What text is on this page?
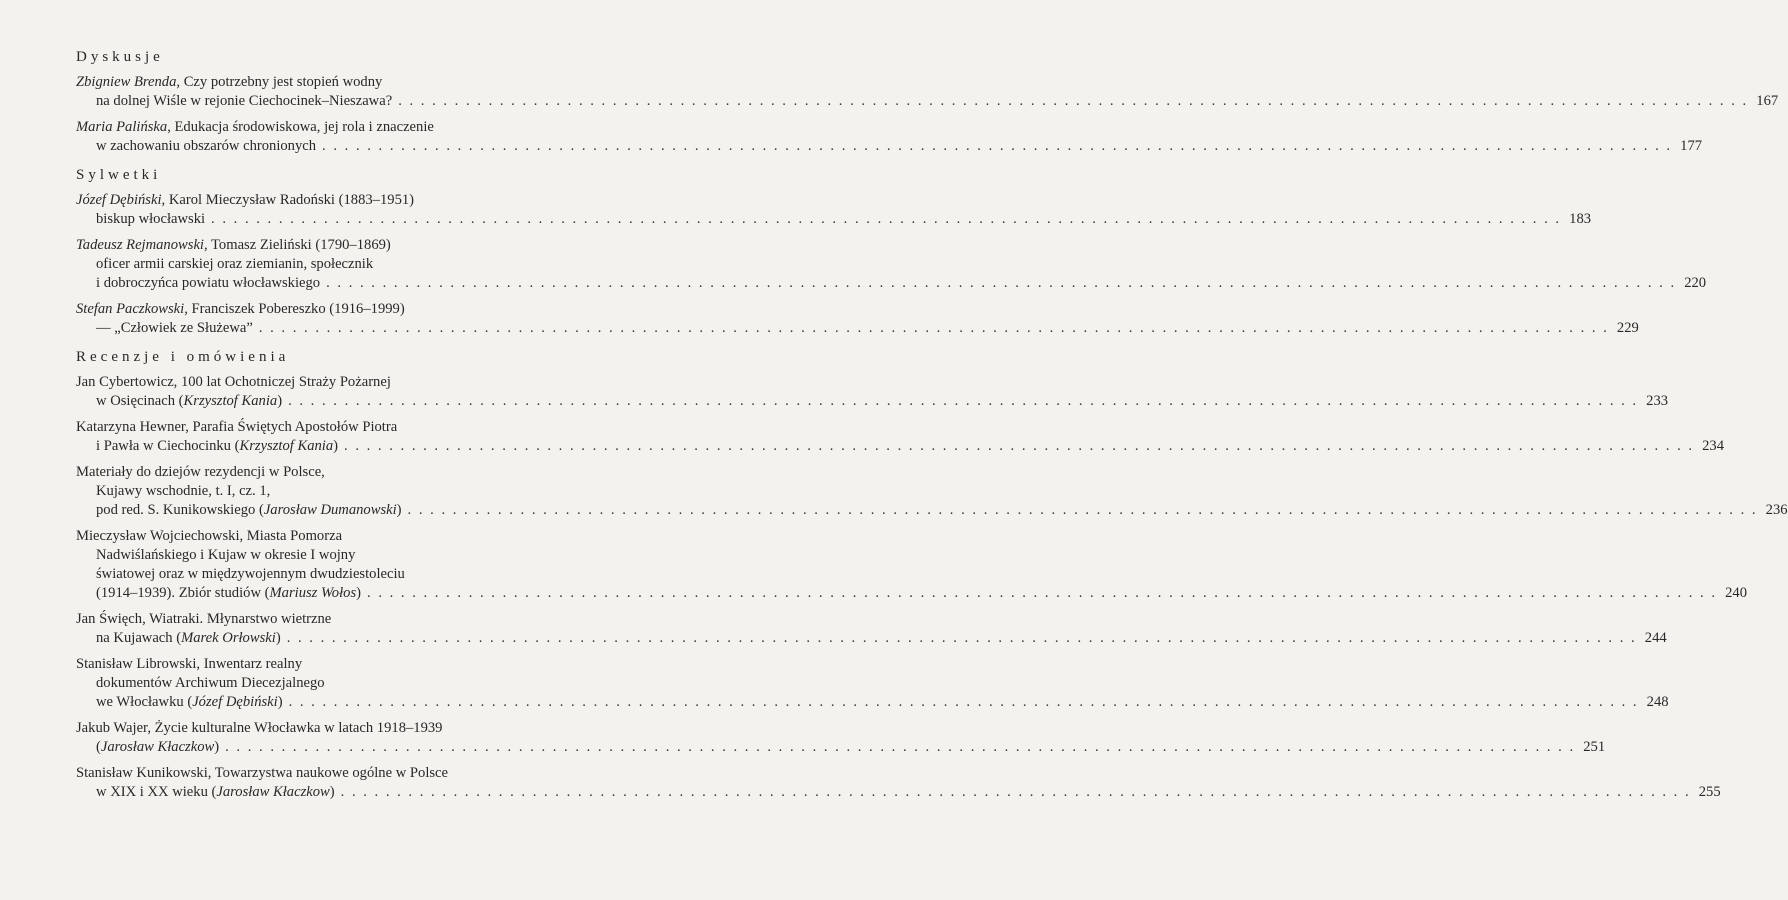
Dyskusje
Zbigniew Brenda, Czy potrzebny jest stopień wodny
na dolnej Wiśle w rejonie Ciechocinek–Nieszawa? . . . . . . . . . . . . . . . . . . . . . . . . . . . . . . . . . . . . . . . . . . . . . . . . . . . . . . . . . . . . . . . . . . . . . . . . . . . . . . . . . . . . . . . . . . . . . . . . . . . . . . . . . . . . . . . . . . . . . . . . 167
Maria Palińska, Edukacja środowiskowa, jej rola i znaczenie
w zachowaniu obszarów chronionych . . . . . . . . . . . . . . . . . . . . . . . . . . . . . . . . . . . . . . . . . . . . . . . . . . . . . . . . . . . . . . . . . . . . . . . . . . . . . . . . . . . . . . . . . . . . . . . . . . . . . . . . . . . . . . . . . . . . . . . . 177
Sylwetki
Józef Dębiński, Karol Mieczysław Radoński (1883–1951)
biskup włocławski . . . . . . . . . . . . . . . . . . . . . . . . . . . . . . . . . . . . . . . . . . . . . . . . . . . . . . . . . . . . . . . . . . . . . . . . . . . . . . . . . . . . . . . . . . . . . . . . . . . . . . . . . . . . . . . . . . . . . . . . 183
Tadeusz Rejmanowski, Tomasz Zieliński (1790–1869)
oficer armii carskiej oraz ziemianin, społecznik
i dobroczyńca powiatu włocławskiego . . . . . . . . . . . . . . . . . . . . . . . . . . . . . . . . . . . . . . . . . . . . . . . . . . . . . . . . . . . . . . . . . . . . . . . . . . . . . . . . . . . . . . . . . . . . . . . . . . . . . . . . . . . . . . . . . . . . . . . . 220
Stefan Paczkowski, Franciszek Pobereszko (1916–1999)
— „Człowiek ze Służewa” . . . . . . . . . . . . . . . . . . . . . . . . . . . . . . . . . . . . . . . . . . . . . . . . . . . . . . . . . . . . . . . . . . . . . . . . . . . . . . . . . . . . . . . . . . . . . . . . . . . . . . . . . . . . . . . . . . . . . . . . 229
Recenzje i omówienia
Jan Cybertowicz, 100 lat Ochotniczej Straży Pożarnej
w Osięcinach (Krzysztof Kania) . . . . . . . . . . . . . . . . . . . . . . . . . . . . . . . . . . . . . . . . . . . . . . . . . . . . . . . . . . . . . . . . . . . . . . . . . . . . . . . . . . . . . . . . . . . . . . . . . . . . . . . . . . . . . . . . . . . . . . . . 233
Katarzyna Hewner, Parafia Świętych Apostołów Piotra
i Pawła w Ciechocinku (Krzysztof Kania) . . . . . . . . . . . . . . . . . . . . . . . . . . . . . . . . . . . . . . . . . . . . . . . . . . . . . . . . . . . . . . . . . . . . . . . . . . . . . . . . . . . . . . . . . . . . . . . . . . . . . . . . . . . . . . . . . . . . . . . . 234
Materiały do dziejów rezydencji w Polsce,
Kujawy wschodnie, t. I, cz. 1,
pod red. S. Kunikowskiego (Jarosław Dumanowski) . . . . . . . . . . . . . . . . . . . . . . . . . . . . . . . . . . . . . . . . . . . . . . . . . . . . . . . . . . . . . . . . . . . . . . . . . . . . . . . . . . . . . . . . . . . . . . . . . . . . . . . . . . . . . . . . . . . . . . . . 236
Mieczysław Wojciechowski, Miasta Pomorza
Nadwiślańskiego i Kujaw w okresie I wojny
światowej oraz w międzywojennym dwudziestoleciu
(1914–1939). Zbiór studiów (Mariusz Wołos) . . . . . . . . . . . . . . . . . . . . . . . . . . . . . . . . . . . . . . . . . . . . . . . . . . . . . . . . . . . . . . . . . . . . . . . . . . . . . . . . . . . . . . . . . . . . . . . . . . . . . . . . . . . . . . . . . . . . . . . . 240
Jan Święch, Wiatraki. Młynarstwo wietrzne
na Kujawach (Marek Orłowski) . . . . . . . . . . . . . . . . . . . . . . . . . . . . . . . . . . . . . . . . . . . . . . . . . . . . . . . . . . . . . . . . . . . . . . . . . . . . . . . . . . . . . . . . . . . . . . . . . . . . . . . . . . . . . . . . . . . . . . . . 244
Stanisław Librowski, Inwentarz realny
dokumentów Archiwum Diecezjalnego
we Włocławku (Józef Dębiński) . . . . . . . . . . . . . . . . . . . . . . . . . . . . . . . . . . . . . . . . . . . . . . . . . . . . . . . . . . . . . . . . . . . . . . . . . . . . . . . . . . . . . . . . . . . . . . . . . . . . . . . . . . . . . . . . . . . . . . . . 248
Jakub Wajer, Życie kulturalne Włocławka w latach 1918–1939
(Jarosław Kłaczkow) . . . . . . . . . . . . . . . . . . . . . . . . . . . . . . . . . . . . . . . . . . . . . . . . . . . . . . . . . . . . . . . . . . . . . . . . . . . . . . . . . . . . . . . . . . . . . . . . . . . . . . . . . . . . . . . . . . . . . . . . 251
Stanisław Kunikowski, Towarzystwa naukowe ogólne w Polsce
w XIX i XX wieku (Jarosław Kłaczkow) . . . . . . . . . . . . . . . . . . . . . . . . . . . . . . . . . . . . . . . . . . . . . . . . . . . . . . . . . . . . . . . . . . . . . . . . . . . . . . . . . . . . . . . . . . . . . . . . . . . . . . . . . . . . . . . . . . . . . . . . 255
